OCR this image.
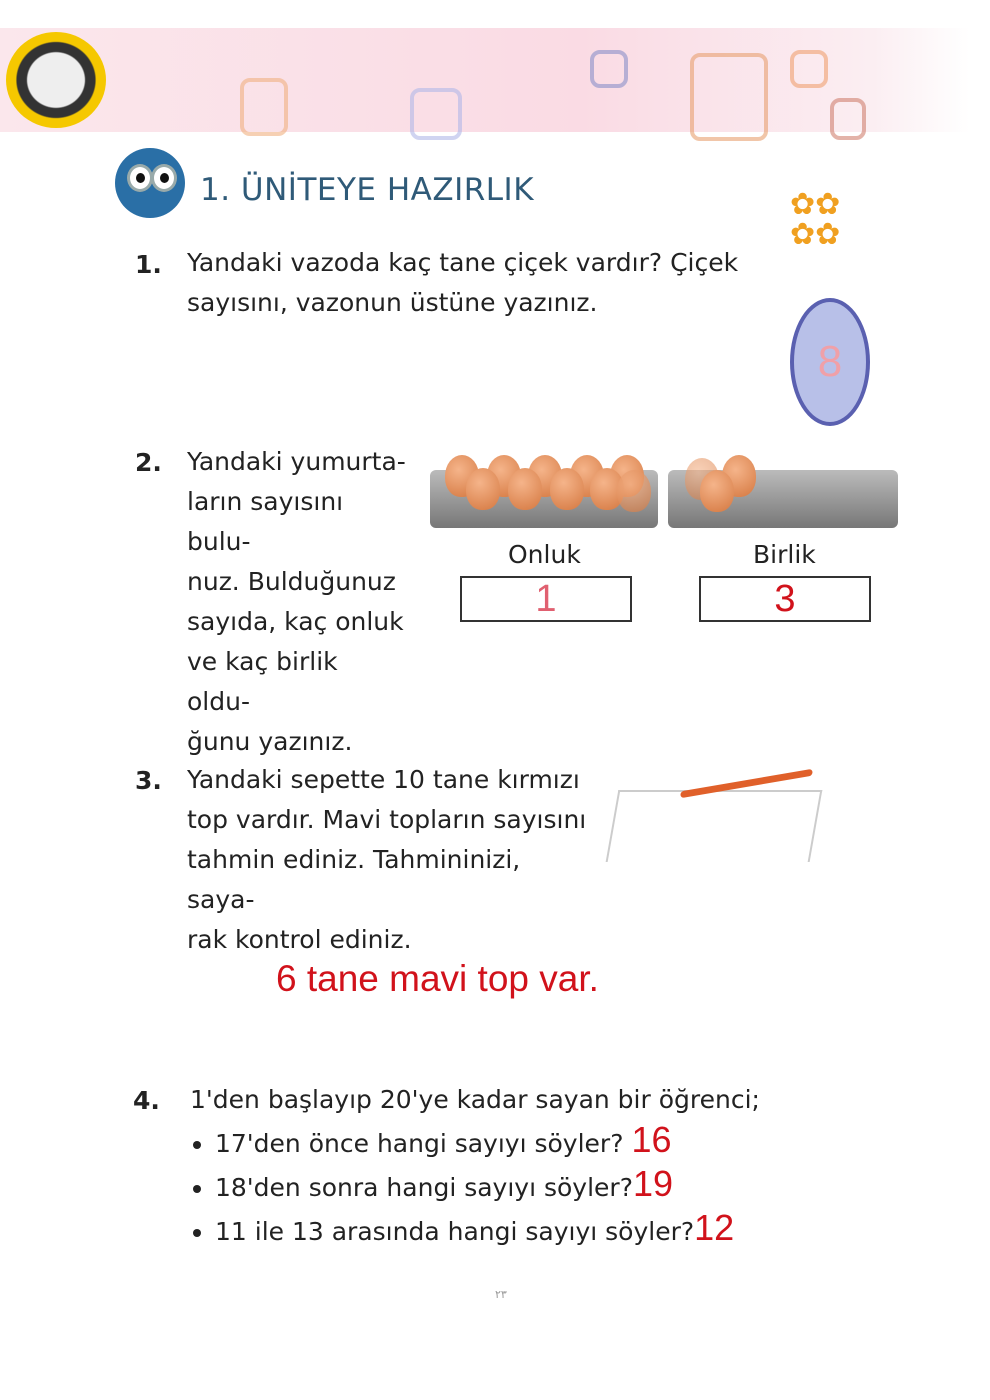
1. ÜNİTEYE HAZIRLIK
1. Yandaki vazoda kaç tane çiçek vardır? Çiçek
sayısını, vazonun üstüne yazınız.
✿✿
✿✿
8
2. Yandaki yumurta-
ların sayısını bulu-
nuz. Bulduğunuz
sayıda, kaç onluk
ve kaç birlik oldu-
ğunu yazınız.
Onluk	Birlik
1	3
3. Yandaki sepette 10 tane kırmızı
top vardır. Mavi topların sayısını
tahmin ediniz. Tahmininizi, saya-
rak kontrol ediniz.
6 tane mavi top var.
4. 1'den başlayıp 20'ye kadar sayan bir öğrenci;
• 17'den önce hangi sayıyı söyler? 16
• 18'den sonra hangi sayıyı söyler?19
• 11 ile 13 arasında hangi sayıyı söyler?12
۲۳
